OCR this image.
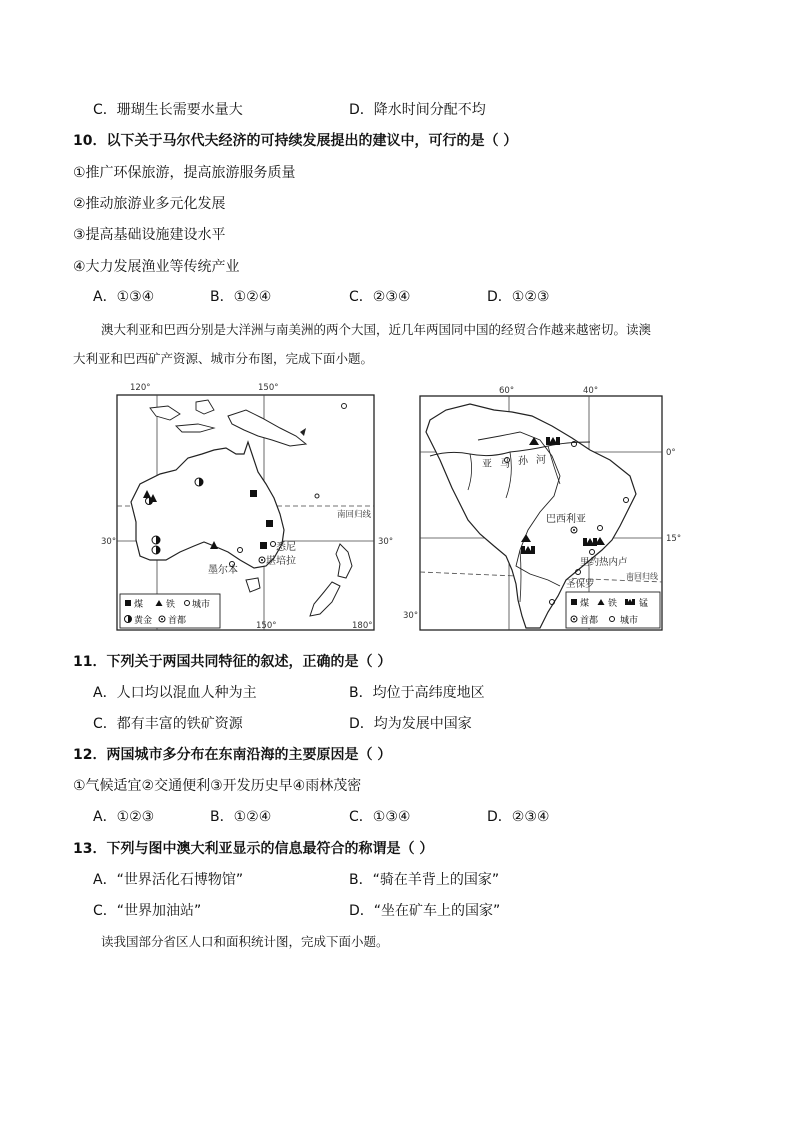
C．珊瑚生长需要水量大	D．降水时间分配不均
10．以下关于马尔代夫经济的可持续发展提出的建议中，可行的是（ ）
①推广环保旅游，提高旅游服务质量
②推动旅游业多元化发展
③提高基础设施建设水平
④大力发展渔业等传统产业
A．①③④	B．①②④	C．②③④	D．①②③
澳大利亚和巴西分别是大洋洲与南美洲的两个大国，近几年两国同中国的经贸合作越来越密切。读澳
大利亚和巴西矿产资源、城市分布图，完成下面小题。
120°	150°
30°	30°
南回归线
悉尼
墨尔本
堪培拉
150°	180°
煤	铁 城市
黄金 首都
60°	40°
0°
15°
30°
亚 马 孙 河
巴西利亚
里约热内卢
圣保罗
南回归线
煤 铁 锰
首都 城市
11．下列关于两国共同特征的叙述，正确的是（ ）
A．人口均以混血人种为主	B．均位于高纬度地区
C．都有丰富的铁矿资源	D．均为发展中国家
12．两国城市多分布在东南沿海的主要原因是（ ）
①气候适宜②交通便利③开发历史早④雨林茂密
A．①②③	B．①②④	C．①③④	D．②③④
13．下列与图中澳大利亚显示的信息最符合的称谓是（ ）
A．“世界活化石博物馆”	B．“骑在羊背上的国家”
C．“世界加油站”	D．“坐在矿车上的国家”
读我国部分省区人口和面积统计图，完成下面小题。
